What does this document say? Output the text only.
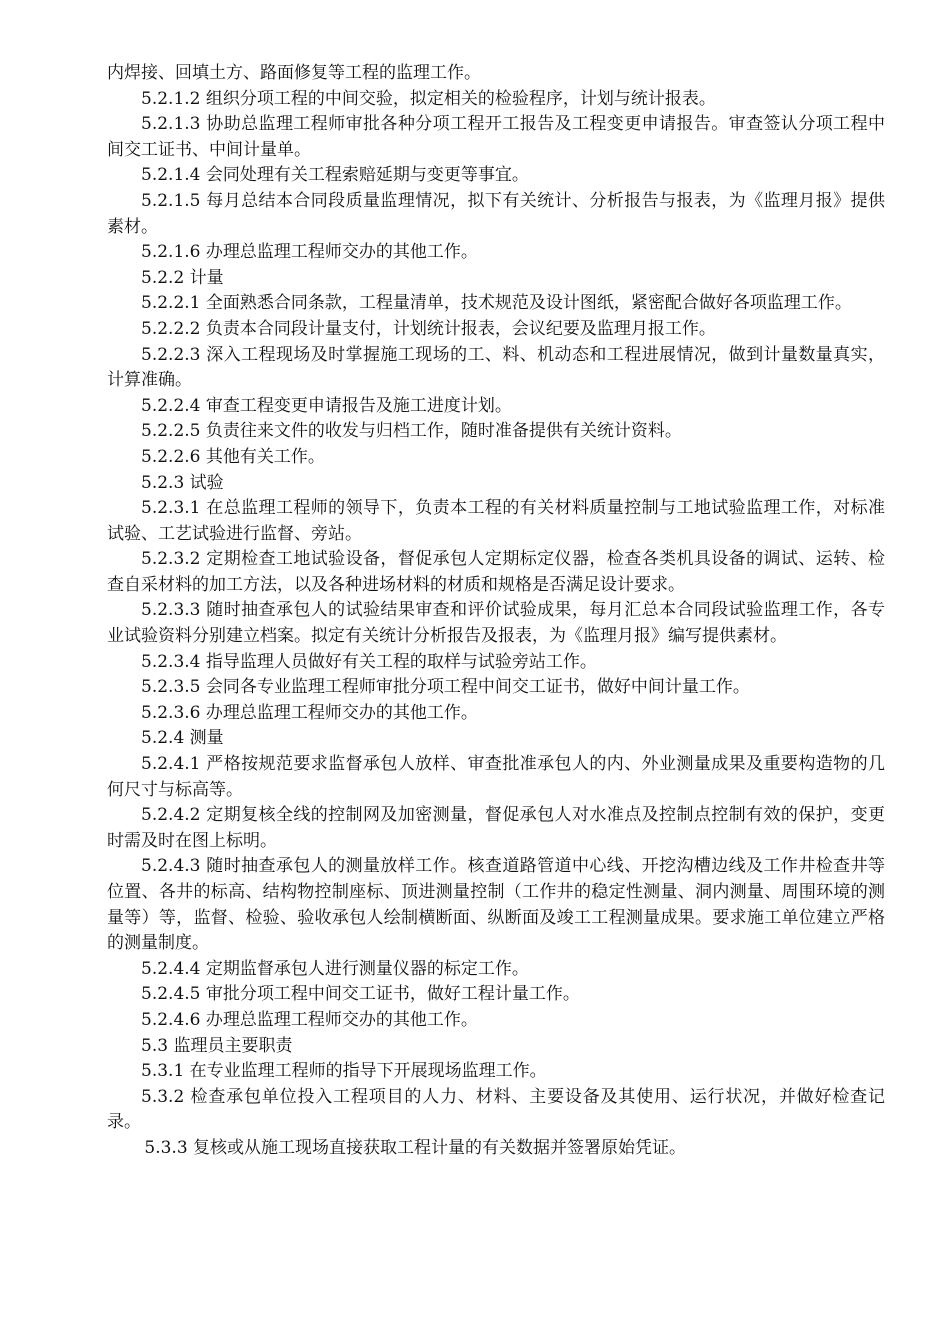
内焊接、回填土方、路面修复等工程的监理工作。

5.2.1.2 组织分项工程的中间交验，拟定相关的检验程序，计划与统计报表。

5.2.1.3 协助总监理工程师审批各种分项工程开工报告及工程变更申请报告。审查签认分项工程中间交工证书、中间计量单。

5.2.1.4 会同处理有关工程索赔延期与变更等事宜。

5.2.1.5 每月总结本合同段质量监理情况，拟下有关统计、分析报告与报表，为《监理月报》提供素材。

5.2.1.6 办理总监理工程师交办的其他工作。

5.2.2 计量

5.2.2.1 全面熟悉合同条款，工程量清单，技术规范及设计图纸，紧密配合做好各项监理工作。

5.2.2.2 负责本合同段计量支付，计划统计报表，会议纪要及监理月报工作。

5.2.2.3 深入工程现场及时掌握施工现场的工、料、机动态和工程进展情况，做到计量数量真实，计算准确。

5.2.2.4 审查工程变更申请报告及施工进度计划。

5.2.2.5 负责往来文件的收发与归档工作，随时准备提供有关统计资料。

5.2.2.6 其他有关工作。

5.2.3 试验

5.2.3.1 在总监理工程师的领导下，负责本工程的有关材料质量控制与工地试验监理工作，对标准试验、工艺试验进行监督、旁站。

5.2.3.2 定期检查工地试验设备，督促承包人定期标定仪器，检查各类机具设备的调试、运转、检查自采材料的加工方法，以及各种进场材料的材质和规格是否满足设计要求。

5.2.3.3 随时抽查承包人的试验结果审查和评价试验成果，每月汇总本合同段试验监理工作，各专业试验资料分别建立档案。拟定有关统计分析报告及报表，为《监理月报》编写提供素材。

5.2.3.4 指导监理人员做好有关工程的取样与试验旁站工作。

5.2.3.5 会同各专业监理工程师审批分项工程中间交工证书，做好中间计量工作。

5.2.3.6 办理总监理工程师交办的其他工作。

5.2.4 测量

5.2.4.1 严格按规范要求监督承包人放样、审查批准承包人的内、外业测量成果及重要构造物的几何尺寸与标高等。

5.2.4.2 定期复核全线的控制网及加密测量，督促承包人对水准点及控制点控制有效的保护，变更时需及时在图上标明。

5.2.4.3 随时抽查承包人的测量放样工作。核查道路管道中心线、开挖沟槽边线及工作井检查井等位置、各井的标高、结构物控制座标、顶进测量控制（工作井的稳定性测量、洞内测量、周围环境的测量等）等，监督、检验、验收承包人绘制横断面、纵断面及竣工工程测量成果。要求施工单位建立严格的测量制度。

5.2.4.4 定期监督承包人进行测量仪器的标定工作。

5.2.4.5 审批分项工程中间交工证书，做好工程计量工作。

5.2.4.6 办理总监理工程师交办的其他工作。

5.3 监理员主要职责

5.3.1 在专业监理工程师的指导下开展现场监理工作。

5.3.2 检查承包单位投入工程项目的人力、材料、主要设备及其使用、运行状况，并做好检查记录。

5.3.3 复核或从施工现场直接获取工程计量的有关数据并签署原始凭证。
